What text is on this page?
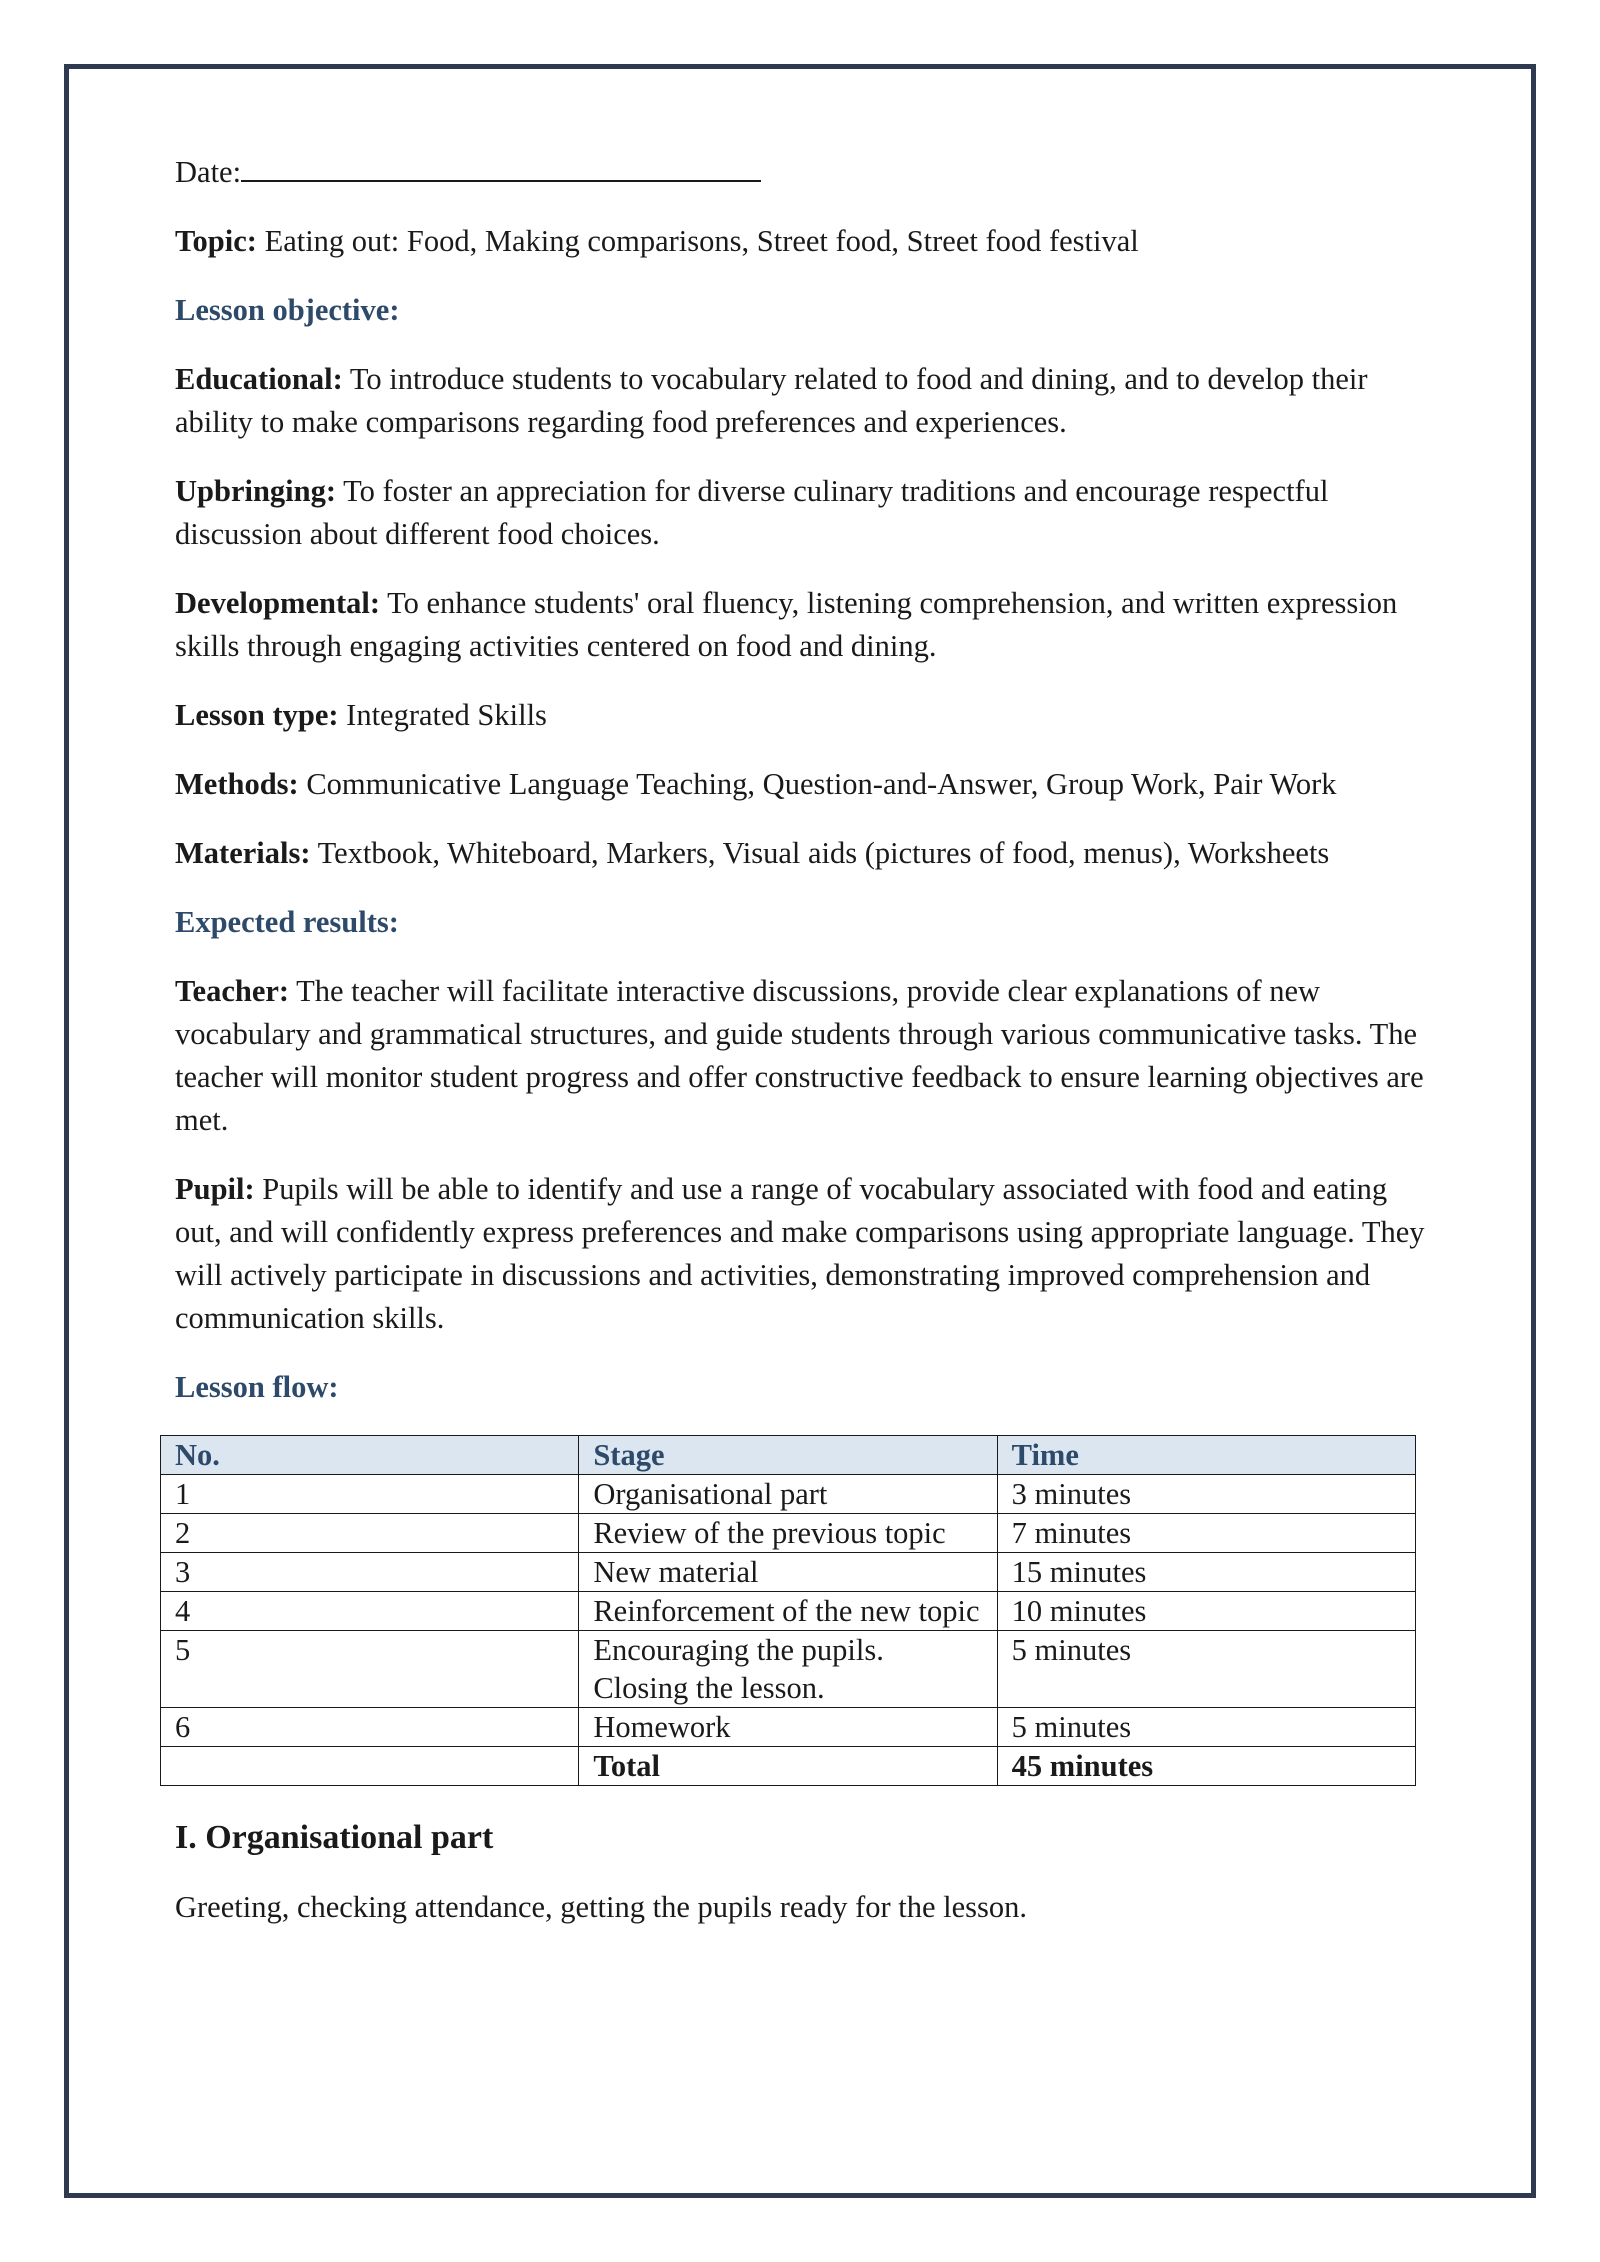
Date:

Topic: Eating out: Food, Making comparisons, Street food, Street food festival

Lesson objective:

Educational: To introduce students to vocabulary related to food and dining, and to develop their ability to make comparisons regarding food preferences and experiences.

Upbringing: To foster an appreciation for diverse culinary traditions and encourage respectful discussion about different food choices.

Developmental: To enhance students' oral fluency, listening comprehension, and written expression skills through engaging activities centered on food and dining.

Lesson type: Integrated Skills

Methods: Communicative Language Teaching, Question-and-Answer, Group Work, Pair Work

Materials: Textbook, Whiteboard, Markers, Visual aids (pictures of food, menus), Worksheets

Expected results:

Teacher: The teacher will facilitate interactive discussions, provide clear explanations of new vocabulary and grammatical structures, and guide students through various communicative tasks. The teacher will monitor student progress and offer constructive feedback to ensure learning objectives are met.

Pupil: Pupils will be able to identify and use a range of vocabulary associated with food and eating out, and will confidently express preferences and make comparisons using appropriate language. They will actively participate in discussions and activities, demonstrating improved comprehension and communication skills.

Lesson flow:

No.	Stage	Time
1	Organisational part	3 minutes
2	Review of the previous topic	7 minutes
3	New material	15 minutes
4	Reinforcement of the new topic	10 minutes
5	Encouraging the pupils. Closing the lesson.	5 minutes
6	Homework	5 minutes
	Total	45 minutes

I. Organisational part

Greeting, checking attendance, getting the pupils ready for the lesson.
